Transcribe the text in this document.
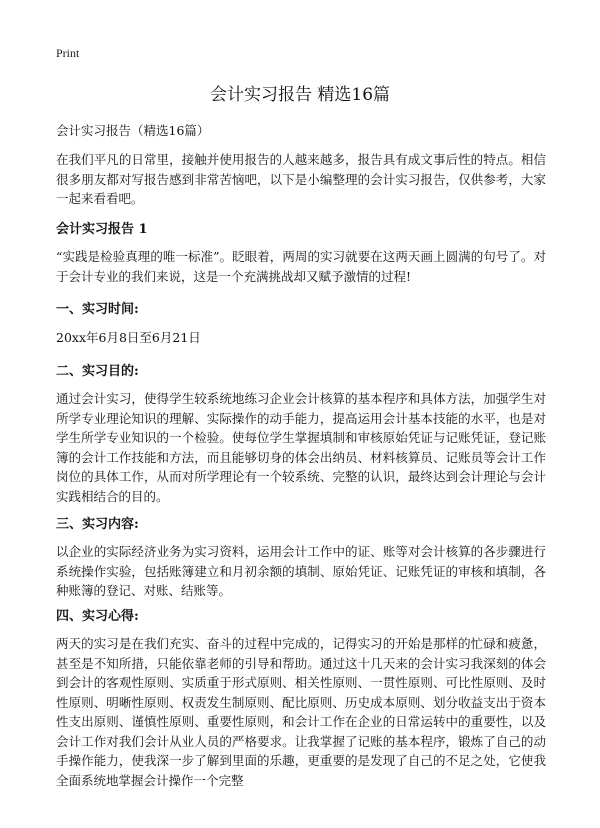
Print
会计实习报告 精选16篇

会计实习报告（精选16篇）

在我们平凡的日常里，接触并使用报告的人越来越多，报告具有成文事后性的特点。相信很多朋友都对写报告感到非常苦恼吧，以下是小编整理的会计实习报告，仅供参考，大家一起来看看吧。

会计实习报告 1

“实践是检验真理的唯一标准”。眨眼着，两周的实习就要在这两天画上圆满的句号了。对于会计专业的我们来说，这是一个充满挑战却又赋予激情的过程!

一、实习时间:

20xx年6月8日至6月21日

二、实习目的:

通过会计实习，使得学生较系统地练习企业会计核算的基本程序和具体方法，加强学生对所学专业理论知识的理解、实际操作的动手能力，提高运用会计基本技能的水平，也是对学生所学专业知识的一个检验。使每位学生掌握填制和审核原始凭证与记账凭证，登记账簿的会计工作技能和方法，而且能够切身的体会出纳员、材料核算员、记账员等会计工作岗位的具体工作，从而对所学理论有一个较系统、完整的认识，最终达到会计理论与会计实践相结合的目的。

三、实习内容:

以企业的实际经济业务为实习资料，运用会计工作中的证、账等对会计核算的各步骤进行系统操作实验，包括账簿建立和月初余额的填制、原始凭证、记账凭证的审核和填制，各种账簿的登记、对账、结账等。

四、实习心得:

两天的实习是在我们充实、奋斗的过程中完成的，记得实习的开始是那样的忙碌和疲惫，甚至是不知所措，只能依靠老师的引导和帮助。通过这十几天来的会计实习我深刻的体会到会计的客观性原则、实质重于形式原则、相关性原则、一贯性原则、可比性原则、及时性原则、明晰性原则、权责发生制原则、配比原则、历史成本原则、划分收益支出于资本性支出原则、谨慎性原则、重要性原则，和会计工作在企业的日常运转中的重要性，以及会计工作对我们会计从业人员的严格要求。让我掌握了记账的基本程序，锻炼了自己的动手操作能力，使我深一步了解到里面的乐趣，更重要的是发现了自己的不足之处，它使我全面系统地掌握会计操作一个完整
